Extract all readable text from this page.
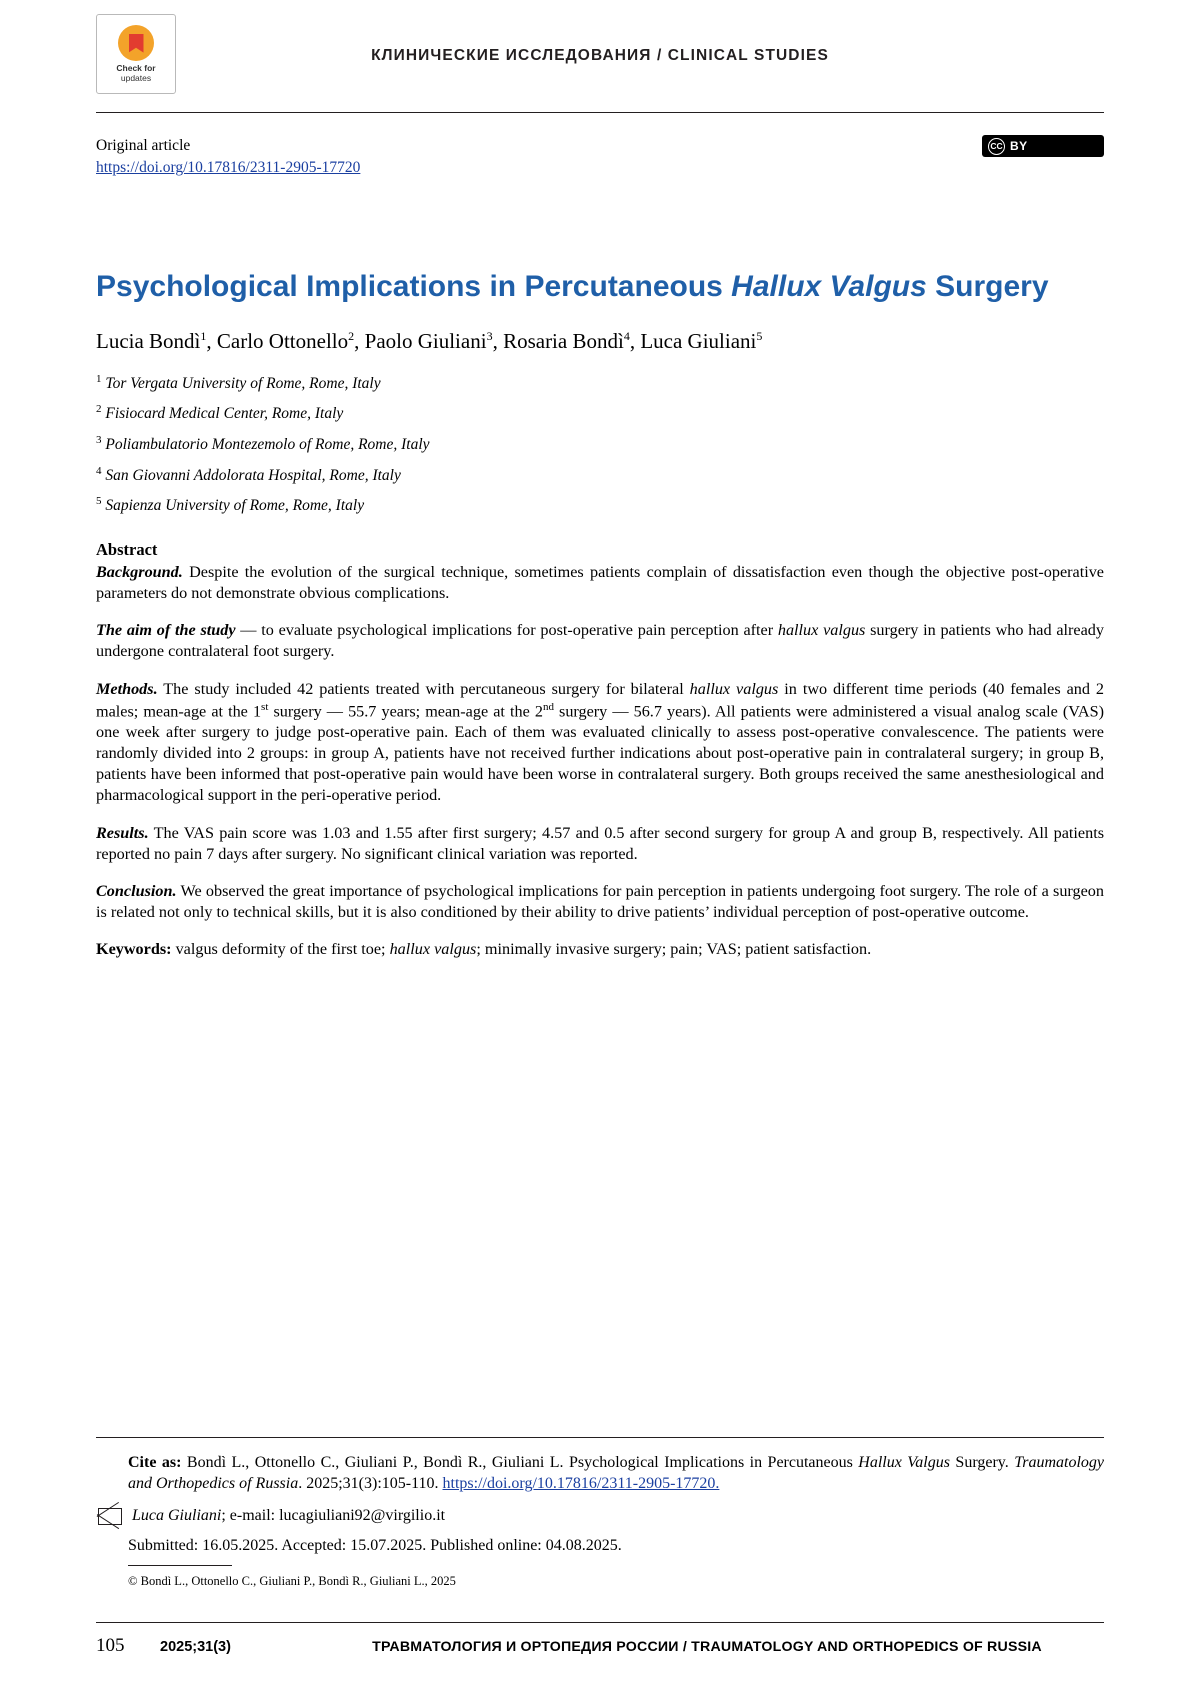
Check for
updates
КЛИНИЧЕСКИЕ ИССЛЕДОВАНИЯ / CLINICAL STUDIES
Original article
https://doi.org/10.17816/2311-2905-17720
CC BY
Psychological Implications in Percutaneous Hallux Valgus Surgery
Lucia Bondì$^1$, Carlo Ottonello$^2$, Paolo Giuliani$^3$, Rosaria Bondì$^4$, Luca Giuliani$^5$
$^1$ Tor Vergata University of Rome, Rome, Italy
$^2$ Fisiocard Medical Center, Rome, Italy
$^3$ Poliambulatorio Montezemolo of Rome, Rome, Italy
$^4$ San Giovanni Addolorata Hospital, Rome, Italy
$^5$ Sapienza University of Rome, Rome, Italy
Abstract

Background. Despite the evolution of the surgical technique, sometimes patients complain of dissatisfaction even though the objective post-operative parameters do not demonstrate obvious complications.

The aim of the study — to evaluate psychological implications for post-operative pain perception after hallux valgus surgery in patients who had already undergone contralateral foot surgery.

Methods. The study included 42 patients treated with percutaneous surgery for bilateral hallux valgus in two different time periods (40 females and 2 males; mean-age at the 1st surgery — 55.7 years; mean-age at the 2nd surgery — 56.7 years). All patients were administered a visual analog scale (VAS) one week after surgery to judge post-operative pain. Each of them was evaluated clinically to assess post-operative convalescence. The patients were randomly divided into 2 groups: in group A, patients have not received further indications about post-operative pain in contralateral surgery; in group B, patients have been informed that post-operative pain would have been worse in contralateral surgery. Both groups received the same anesthesiological and pharmacological support in the peri-operative period.

Results. The VAS pain score was 1.03 and 1.55 after first surgery; 4.57 and 0.5 after second surgery for group A and group B, respectively. All patients reported no pain 7 days after surgery. No significant clinical variation was reported.

Conclusion. We observed the great importance of psychological implications for pain perception in patients undergoing foot surgery. The role of a surgeon is related not only to technical skills, but it is also conditioned by their ability to drive patients’ individual perception of post-operative outcome.

Keywords: valgus deformity of the first toe; hallux valgus; minimally invasive surgery; pain; VAS; patient satisfaction.

Cite as: Bondì L., Ottonello C., Giuliani P., Bondì R., Giuliani L. Psychological Implications in Percutaneous Hallux Valgus Surgery. Traumatology and Orthopedics of Russia. 2025;31(3):105-110. https://doi.org/10.17816/2311-2905-17720.
Luca Giuliani ; e-mail: lucagiuliani92@virgilio.it
Submitted: 16.05.2025. Accepted: 15.07.2025. Published online: 04.08.2025.
© Bondì L., Ottonello C., Giuliani P., Bondì R., Giuliani L., 2025
105	2025;31(3)	ТРАВМАТОЛОГИЯ И ОРТОПЕДИЯ РОССИИ / TRAUMATOLOGY AND ORTHOPEDICS OF RUSSIA
